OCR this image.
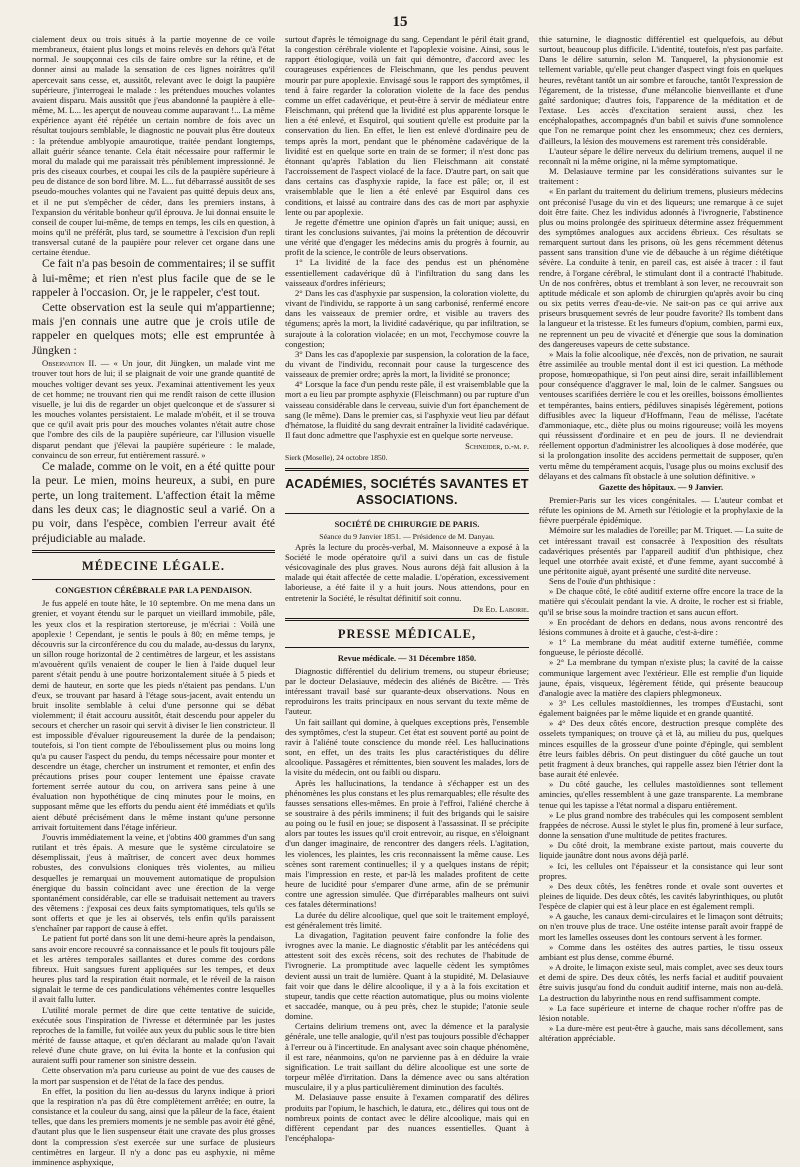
15

cialement deux ou trois situés à la partie moyenne de ce voile membraneux, étaient plus longs et moins relevés en dehors qu'à l'état normal. Je soupçonnai ces cils de faire ombre sur la rétine, et de donner ainsi au malade la sensation de ces lignes noirâtres qu'il apercevait sans cesse, et, aussitôt, relevant avec le doigt la paupière supérieure, j'interrogeai le malade : les prétendues mouches volantes avaient disparu. Mais aussitôt que j'eus abandonné la paupière à elle-même, M. L... les aperçut de nouveau comme auparavant !... La même expérience ayant été répétée un certain nombre de fois avec un résultat toujours semblable, le diagnostic ne pouvait plus être douteux : la prétendue amblyopie amaurotique, traitée pendant longtemps, allait guérir séance tenante. Cela était nécessaire pour raffermir le moral du malade qui me paraissait très péniblement impressionné. Je pris des ciseaux courbes, et coupai les cils de la paupière supérieure à peu de distance de son bord libre. M. L... fut débarrassé aussitôt de ses pseudo-mouches volantes qui ne l'avaient pas quitté depuis deux ans, et il ne put s'empêcher de céder, dans les premiers instans, à l'expansion du véritable bonheur qu'il éprouva. Je lui donnai ensuite le conseil de couper lui-même, de temps en temps, les cils en question, à moins qu'il ne préférât, plus tard, se soumettre à l'excision d'un repli transversal cutané de la paupière pour relever cet organe dans une certaine étendue.

Ce fait n'a pas besoin de commentaires; il se suffit à lui-même; et rien n'est plus facile que de se le rappeler à l'occasion. Or, je le rappeler, c'est tout.

Cette observation est la seule qui m'appartienne; mais j'en connais une autre que je crois utile de rappeler en quelques mots; elle est empruntée à Jüngken :

Observation II. — « Un jour, dit Jüngken, un malade vint me trouver tout hors de lui; il se plaignait de voir une grande quantité de mouches voltiger devant ses yeux. J'examinai attentivement les yeux de cet homme; ne trouvant rien qui me rendît raison de cette illusion visuelle, je lui dis de regarder un objet quelconque et de s'assurer si les mouches volantes persistaient. Le malade m'obéit, et il se trouva que ce qu'il avait pris pour des mouches volantes n'était autre chose que l'ombre des cils de la paupière supérieure, car l'illusion visuelle disparut pendant que j'élevai la paupière supérieure : le malade, convaincu de son erreur, fut entièrement rassuré. »

Ce malade, comme on le voit, en a été quitte pour la peur. Le mien, moins heureux, a subi, en pure perte, un long traitement. L'affection était la même dans les deux cas; le diagnostic seul a varié. On a pu voir, dans l'espèce, combien l'erreur avait été préjudiciable au malade.

MÉDECINE LÉGALE.
CONGESTION CÉRÉBRALE PAR LA PENDAISON.

Je fus appelé en toute hâte, le 10 septembre. On me mena dans un grenier, et voyant étendu sur le parquet un vieillard immobile, pâle, les yeux clos et la respiration stertoreuse, je m'écriai : Voilà une apoplexie ! Cependant, je sentis le pouls à 80; en même temps, je découvris sur la circonférence du cou du malade, au-dessus du larynx, un sillon rouge horizontal de 2 centimètres de largeur, et les assistans m'avouèrent qu'ils venaient de couper le lien à l'aide duquel leur parent s'était pendu à une poutre horizontalement située à 5 pieds et demi de hauteur, en sorte que les pieds n'étaient pas pendans. L'un d'eux, se trouvant par hasard à l'étage sous-jacent, avait entendu un bruit insolite semblable à celui d'une personne qui se débat violemment; il était accouru aussitôt, était descendu pour appeler du secours et chercher un rasoir qui servit à diviser le lien constricteur. Il est impossible d'évaluer rigoureusement la durée de la pendaison; toutefois, si l'on tient compte de l'éboulissement plus ou moins long qu'a pu causer l'aspect du pendu, du temps nécessaire pour monter et descendre un étage, chercher un instrument et remonter, et enfin des précautions prises pour couper lentement une épaisse cravate fortement serrée autour du cou, on arrivera sans peine à une évaluation non hypothétique de cinq minutes pour le moins, en supposant même que les efforts du pendu aient été immédiats et qu'ils aient débuté précisément dans le même instant qu'une personne arrivait fortuitement dans l'étage inférieur.

J'ouvris immédiatement la veine, et j'obtins 400 grammes d'un sang rutilant et très épais. A mesure que le système circulatoire se désemplissait, j'eus à maîtriser, de concert avec deux hommes robustes, des convulsions cloniques très violentes, au milieu desquelles je remarquai un mouvement automatique de propulsion énergique du bassin coïncidant avec une érection de la verge spontanément considérable, car elle se traduisait nettement au travers des vêtemens : j'exposai ces deux faits symptomatiques, tels qu'ils se sont offerts et que je les ai observés, tels enfin qu'ils paraissent s'enchaîner par rapport de cause à effet.

Le patient fut porté dans son lit une demi-heure après la pendaison, sans avoir encore recouvré sa connaissance et le pouls fit toujours pâle et les artères temporales saillantes et dures comme des cordons fibreux. Huit sangsues furent appliquées sur les tempes, et deux heures plus tard la respiration était normale, et le réveil de la raison signalait le terme de ces pandiculations véhémentes contre lesquelles il avait fallu lutter.

L'utilité morale permet de dire que cette tentative de suicide, exécutée sous l'inspiration de l'ivresse et déterminée par les justes reproches de la famille, fut voilée aux yeux du public sous le titre bien mérité de fausse attaque, et qu'en déclarant au malade qu'on l'avait relevé d'une chute grave, on lui évita la honte et la confusion qui auraient suffi pour ramener son sinistre dessein.

Cette observation m'a paru curieuse au point de vue des causes de la mort par suspension et de l'état de la face des pendus.

En effet, la position du lien au-dessus du larynx indique à priori que la respiration n'a pas dû être complètement arrêtée; en outre, la consistance et la couleur du sang, ainsi que la pâleur de la face, étaient telles, que dans les premiers moments je ne semble pas avoir été gêné, d'autant plus que le lien suspenseur était une cravate des plus grosses dont la compression s'est exercée sur une surface de plusieurs centimètres en largeur. Il n'y a donc pas eu asphyxie, ni même imminence asphyxique,

surtout d'après le témoignage du sang. Cependant le péril était grand, la congestion cérébrale violente et l'apoplexie voisine. Ainsi, sous le rapport étiologique, voilà un fait qui démontre, d'accord avec les courageuses expériences de Fleischmann, que les pendus peuvent mourir par pure apoplexie. Envisagé sous le rapport des symptômes, il tend à faire regarder la coloration violette de la face des pendus comme un effet cadavérique, et peut-être à servir de médiateur entre Fleischmann, qui prétend que la lividité est plus apparente lorsque le lien a été enlevé, et Esquirol, qui soutient qu'elle est produite par la conservation du lien. En effet, le lien est enlevé d'ordinaire peu de temps après la mort, pendant que le phénomène cadavérique de la lividité est en quelque sorte en train de se former; il n'est donc pas étonnant qu'après l'ablation du lien Fleischmann ait constaté l'accroissement de l'aspect violacé de la face. D'autre part, on sait que dans certains cas d'asphyxie rapide, la face est pâle; or, il est vraisemblable que le lien a été enlevé par Esquirol dans ces conditions, et laissé au contraire dans des cas de mort par asphyxie lente ou par apoplexie.

Je regette d'émettre une opinion d'après un fait unique; aussi, en tirant les conclusions suivantes, j'ai moins la prétention de découvrir une vérité que d'engager les médecins amis du progrès à fournir, au profit de la science, le contrôle de leurs observations.

1° La lividité de la face des pendus est un phénomène essentiellement cadavérique dû à l'infiltration du sang dans les vaisseaux d'ordres inférieurs;

2° Dans les cas d'asphyxie par suspension, la coloration violette, du vivant de l'individu, se rapporte à un sang carbonisé, renfermé encore dans les vaisseaux de premier ordre, et visible au travers des tégumens; après la mort, la lividité cadavérique, qu par infiltration, se surajoute à la coloration violacée; en un mot, l'ecchymose couvre la congestion;

3° Dans les cas d'apoplexie par suspension, la coloration de la face, du vivant de l'individu, reconnait pour cause la turgescence des vaisseaux de premier ordre; après la mort, la lividité se prononce;

4° Lorsque la face d'un pendu reste pâle, il est vraisemblable que la mort a eu lieu par prompte asphyxie (Fleischmann) ou par rupture d'un vaisseau considérable dans le cerveau, suivie d'un fort épanchement de sang (le même). Dans le premier cas, si l'asphyxie veut lieu par défaut d'hématose, la fluidité du sang devrait entraîner la lividité cadavérique. Il faut donc admettre que l'asphyxie est en quelque sorte nerveuse.

Schneider, d.-m. p.
Sierk (Moselle), 24 octobre 1850.
ACADÉMIES, SOCIÉTÉS SAVANTES ET ASSOCIATIONS.
SOCIÉTÉ DE CHIRURGIE DE PARIS.
Séance du 9 Janvier 1851. — Présidence de M. Danyau.

Après la lecture du procès-verbal, M. Maisonneuve a exposé à la Société le mode opératoire qu'il a suivi dans un cas de fistule vésicovaginale des plus graves. Nous aurons déjà fait allusion à la malade qui était affectée de cette maladie. L'opération, excessivement laborieuse, a été faite il y a huit jours. Nous attendons, pour en entretenir la Société, le résultat définitif soit connu.

Dr Ed. Laborie.
PRESSE MÉDICALE,
Revue médicale. — 31 Décembre 1850.

Diagnostic différentiel du delirium tremens, ou stupeur ébrieuse; par le docteur Delasiauve, médecin des aliénés de Bicêtre. — Très intéressant travail basé sur quarante-deux observations. Nous en reproduirons les traits principaux en nous servant du texte même de l'auteur.

Un fait saillant qui domine, à quelques exceptions près, l'ensemble des symptômes, c'est la stupeur. Cet état est souvent porté au point de ravir à l'aliéné toute conscience du monde réel. Les hallucinations sont, en effet, un des traits les plus caractéristiques du délire alcoolique. Passagères et rémittentes, bien souvent les malades, lors de la visite du médecin, ont ou faibli ou disparu.

Après les hallucinations, la tendance à s'échapper est un des phénomènes les plus constans et les plus remarquables; elle résulte des fausses sensations elles-mêmes. En proie à l'effroi, l'aliéné cherche à se soustraire à des périls imminens; il fuit des brigands qui le saisire au poing ou le fusil en joue; se disposent à l'assassinat. Il se précipite alors par toutes les issues qu'il croit entrevoir, au risque, en s'éloignant d'un danger imaginaire, de rencontrer des dangers réels. L'agitation, les violences, les plaintes, les cris reconnaissent la même cause. Les scènes sont rarement continuelles; il y a quelques instans de répit; mais l'impression en reste, et par-là les malades profitent de cette heure de lucidité pour s'emparer d'une arme, afin de se prémunir contre une agression simulée. Que d'irréparables malheurs ont suivi ces fatales déterminations!

La durée du délire alcoolique, quel que soit le traitement employé, est généralement très limité.

La divagation, l'agitation peuvent faire confondre la folie des ivrognes avec la manie. Le diagnostic s'établit par les antécédens qui attestent soit des excès récens, soit des rechutes de l'habitude de l'ivrognerie. La promptitude avec laquelle cèdent les symptômes devient aussi un trait de lumière. Quant à la stupidité, M. Delasiauve fait voir que dans le délire alcoolique, il y a à la fois excitation et stupeur, tandis que cette réaction automatique, plus ou moins violente et saccadée, manque, ou à peu près, chez le stupide; l'atonie seule domine.

Certains delirium tremens ont, avec la démence et la paralysie générale, une telle analogie, qu'il n'est pas toujours possible d'échapper à l'erreur ou à l'incertitude. En analysant avec soin chaque phénomène, il est rare, néanmoins, qu'on ne parvienne pas à en déduire la vraie signification. Le trait saillant du délire alcoolique est une sorte de torpeur mêlée d'irritation. Dans la démence avec ou sans altération musculaire, il y a plus particulièrement diminution des facultés.

M. Delasiauve passe ensuite à l'examen comparatif des délires produits par l'opium, le haschich, le datura, etc., délires qui tous ont de nombreux points de contact avec le délire alcoolique, mais qui en diffèrent cependant par des nuances essentielles. Quant à l'encéphalopa-

thie saturnine, le diagnostic différentiel est quelquefois, au début surtout, beaucoup plus difficile. L'identité, toutefois, n'est pas parfaite. Dans le délire saturnin, selon M. Tanquerel, la physionomie est tellement variable, qu'elle peut changer d'aspect vingt fois en quelques heures, revêtant tantôt un air sombre et farouche, tantôt l'expression de l'égarement, de la tristesse, d'une mélancolie bienveillante et d'une gaîté sardonique; d'autres fois, l'apparence de la méditation et de l'extase. Les accès d'excitation seraient aussi, chez les encéphalopathes, accompagnés d'un babil et suivis d'une somnolence que l'on ne remarque point chez les ensommeux; chez ces derniers, d'ailleurs, la lésion des mouvemens est rarement très considérable.

L'auteur sépare le délire nerveux du delirium tremens, auquel il ne reconnaît ni la même origine, ni la même symptomatique.

M. Delasiauve termine par les considérations suivantes sur le traitement :

« En parlant du traitement du delirium tremens, plusieurs médecins ont préconisé l'usage du vin et des liqueurs; une remarque à ce sujet doit être faite. Chez les individus adonnés à l'ivrognerie, l'abstinence plus ou moins prolongée des spiritueux détermine assez fréquemment des symptômes analogues aux accidens ébrieux. Ces résultats se remarquent surtout dans les prisons, où les gens récemment détenus passent sans transition d'une vie de débauche à un régime diététique sévère. La conduite à tenir, en pareil cas, est aisée à tracer : il faut rendre, à l'organe cérébral, le stimulant dont il a contracté l'habitude. Un de nos confrères, obtus et tremblant à son lever, ne recouvrait son aptitude médicale et son aplomb de chirurgien qu'après avoir bu cinq ou six petits verres d'eau-de-vie. Ne sait-on pas ce qui arrive aux priseurs brusquement sevrés de leur poudre favorite? Ils tombent dans la langueur et la tristesse. Et les fumeurs d'opium, combien, parmi eux, ne reprennent un peu de vivacité et d'énergie que sous la domination des dangereuses vapeurs de cette substance.

» Mais la folie alcoolique, née d'excès, non de privation, ne saurait être assimilée au trouble mental dont il est ici question. La méthode propose, homœopathique, si l'on peut ainsi dire, serait infailliblement pour conséquence d'aggraver le mal, loin de le calmer. Sangsues ou ventouses scarifiées derrière le cou et les oreilles, boissons émollientes et tempérantes, bains entiers, pédiluves sinapisés légèrement, potions diffusibles avec la liqueur d'Hoffmann, l'eau de mélisse, l'acétate d'ammoniaque, etc., diète plus ou moins rigoureuse; voilà les moyens qui réussissent d'ordinaire et en peu de jours. Il ne deviendrait réellement opportun d'administrer les alcooliques à dose modérée, que si la prolongation insolite des accidens permettait de supposer, qu'en vertu même du tempérament acquis, l'usage plus ou moins exclusif des délayans et des calmans fît obstacle à une solution définitive. »

Gazette des hôpitaux. — 9 Janvier.

Premier-Paris sur les vices congénitales. — L'auteur combat et réfute les opinions de M. Arneth sur l'étiologie et la prophylaxie de la fièvre puerpérale épidémique.

Mémoire sur les maladies de l'oreille; par M. Triquet. — La suite de cet intéressant travail est consacrée à l'exposition des résultats cadavériques présentés par l'appareil auditif d'un phthisique, chez lequel une otorrhée avait existé, et d'une femme, ayant succombé à une péritonite aiguë, ayant présenté une surdité dite nerveuse.

Sens de l'ouïe d'un phthisique :

» De chaque côté, le côté auditif externe offre encore la trace de la matière qui s'écoulait pendant la vie. A droite, le rocher est si friable, qu'il se brise sous la moindre traction et sans aucun effort.

» En procédant de dehors en dedans, nous avons rencontré des lésions communes à droite et à gauche, c'est-à-dire :

» 1° La membrane du méat auditif externe tuméfiée, comme fongueuse, le périoste décollé.

» 2° La membrane du tympan n'existe plus; la cavité de la caisse communique largement avec l'extérieur. Elle est remplie d'un liquide jaune, épais, visqueux, légèrement fétide, qui présente beaucoup d'analogie avec la matière des clapiers phlegmoneux.

» 3° Les cellules mastoïdiennes, les trompes d'Eustachi, sont également baignées par le même liquide et en grande quantité.

» 4° Des deux côtés encore, destruction presque complète des osselets tympaniques; on trouve çà et là, au milieu du pus, quelques minces esquilles de la grosseur d'une pointe d'épingle, qui semblent être leurs faibles débris. On peut distinguer du côté gauche un tout petit fragment à deux branches, qui rappelle assez bien l'étrier dont la base aurait été enlevée.

» Du côté gauche, les cellules mastoïdiennes sont tellement amincies, qu'elles ressemblent à une gaze transparente. La membrane tenue qui les tapisse a l'état normal a disparu entièrement.

» Le plus grand nombre des trabécules qui les composent semblent frappées de nécrose. Aussi le stylet le plus fin, promené à leur surface, donne la sensation d'une multitude de petites fractures.

» Du côté droit, la membrane existe partout, mais couverte du liquide jaunâtre dont nous avons déjà parlé.

» Ici, les cellules ont l'épaisseur et la consistance qui leur sont propres.

» Des deux côtés, les fenêtres ronde et ovale sont ouvertes et pleines de liquide. Des deux côtés, les cavités labyrinthiques, ou plutôt l'espèce de clapier qui est à leur place en est également rempli.

» A gauche, les canaux demi-circulaires et le limaçon sont détruits; on n'en trouve plus de trace. Une ostéite intense paraît avoir frappé de mort les lamelles osseuses dont les contours servent à les former.

» Comme dans les ostéites des autres parties, le tissu osseux ambiant est plus dense, comme éburné.

» A droite, le limaçon existe seul, mais complet, avec ses deux tours et demi de spire. Des deux côtés, les nerfs facial et auditif pouvaient être suivis jusqu'au fond du conduit auditif interne, mais non au-delà. La destruction du labyrinthe nous en rend suffisamment compte.

» La face supérieure et interne de chaque rocher n'offre pas de lésion notable.

» La dure-mère est peut-être à gauche, mais sans décollement, sans altération appréciable.
